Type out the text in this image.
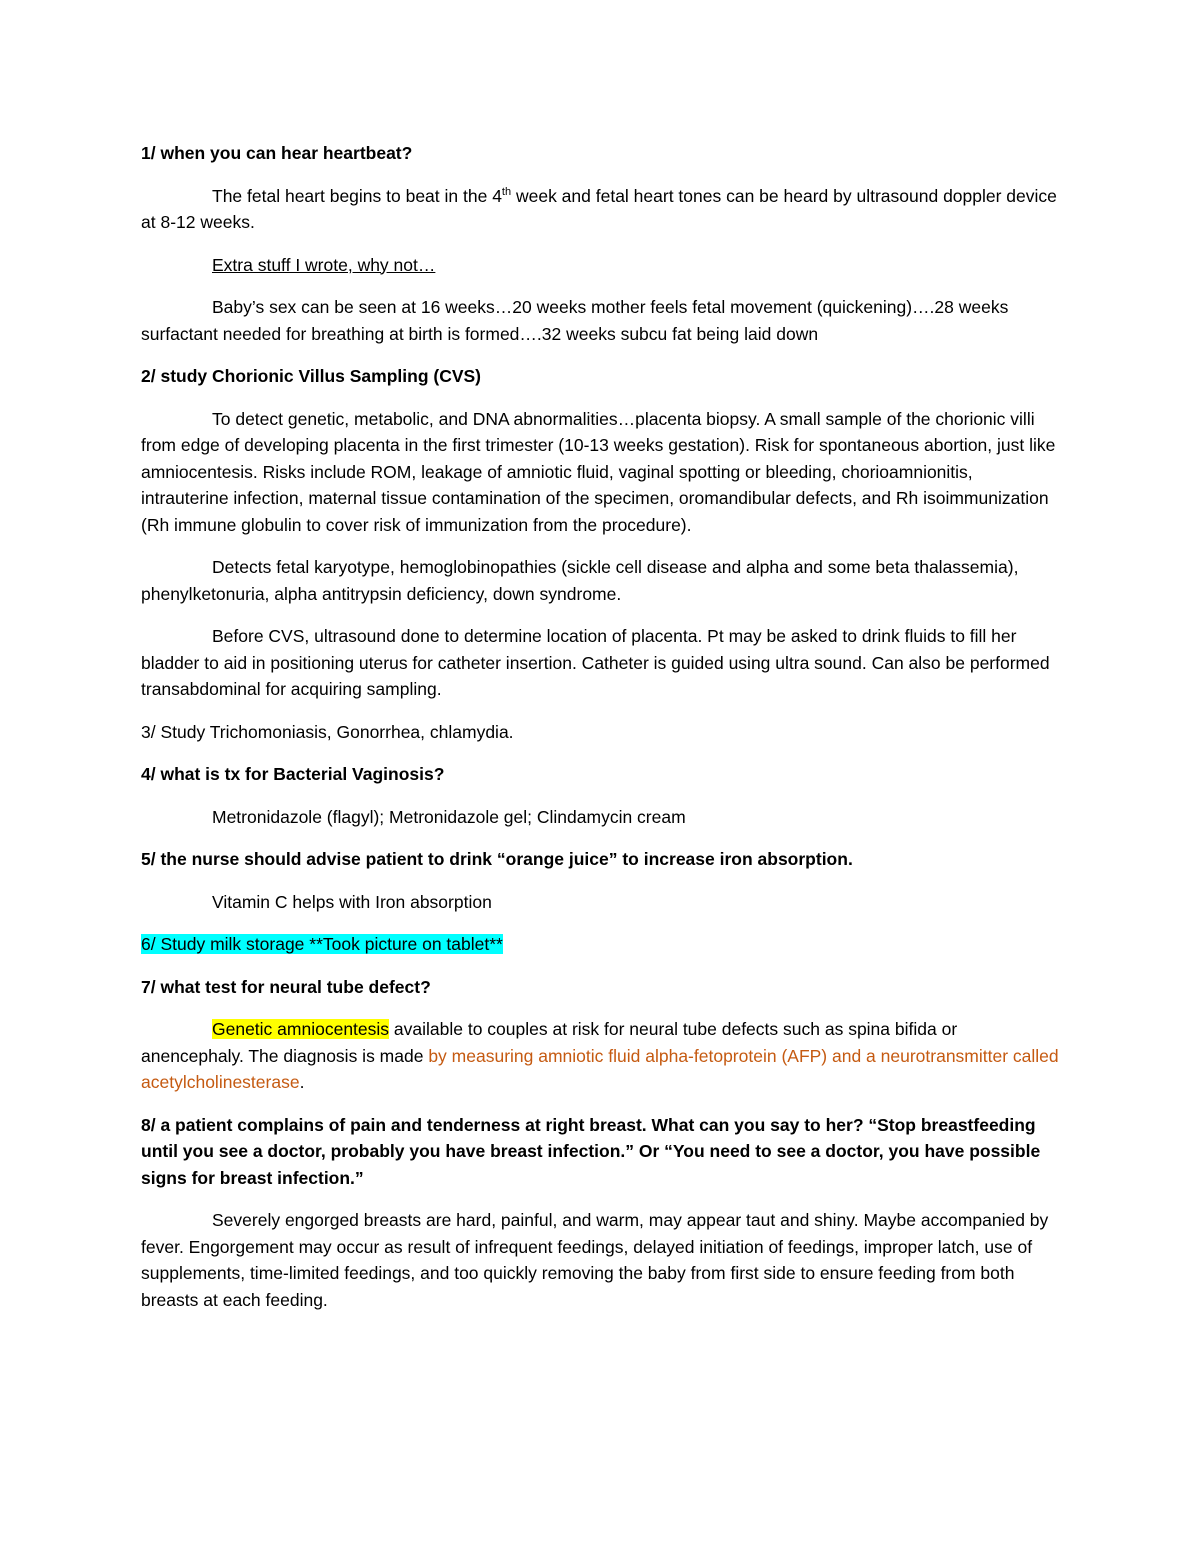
1/ when you can hear heartbeat?

The fetal heart begins to beat in the 4th week and fetal heart tones can be heard by ultrasound doppler device at 8-12 weeks.

Extra stuff I wrote, why not…

Baby’s sex can be seen at 16 weeks…20 weeks mother feels fetal movement (quickening)….28 weeks surfactant needed for breathing at birth is formed….32 weeks subcu fat being laid down

2/ study Chorionic Villus Sampling (CVS)

To detect genetic, metabolic, and DNA abnormalities…placenta biopsy. A small sample of the chorionic villi from edge of developing placenta in the first trimester (10-13 weeks gestation). Risk for spontaneous abortion, just like amniocentesis. Risks include ROM, leakage of amniotic fluid, vaginal spotting or bleeding, chorioamnionitis, intrauterine infection, maternal tissue contamination of the specimen, oromandibular defects, and Rh isoimmunization (Rh immune globulin to cover risk of immunization from the procedure).

Detects fetal karyotype, hemoglobinopathies (sickle cell disease and alpha and some beta thalassemia), phenylketonuria, alpha antitrypsin deficiency, down syndrome.

Before CVS, ultrasound done to determine location of placenta. Pt may be asked to drink fluids to fill her bladder to aid in positioning uterus for catheter insertion. Catheter is guided using ultra sound. Can also be performed transabdominal for acquiring sampling.

3/ Study Trichomoniasis, Gonorrhea, chlamydia.

4/ what is tx for Bacterial Vaginosis?

Metronidazole (flagyl); Metronidazole gel; Clindamycin cream

5/ the nurse should advise patient to drink “orange juice” to increase iron absorption.

Vitamin C helps with Iron absorption

6/ Study milk storage **Took picture on tablet**

7/ what test for neural tube defect?

Genetic amniocentesis available to couples at risk for neural tube defects such as spina bifida or anencephaly. The diagnosis is made by measuring amniotic fluid alpha-fetoprotein (AFP) and a neurotransmitter called acetylcholinesterase.

8/ a patient complains of pain and tenderness at right breast. What can you say to her? “Stop breastfeeding until you see a doctor, probably you have breast infection.” Or “You need to see a doctor, you have possible signs for breast infection.”

Severely engorged breasts are hard, painful, and warm, may appear taut and shiny. Maybe accompanied by fever. Engorgement may occur as result of infrequent feedings, delayed initiation of feedings, improper latch, use of supplements, time-limited feedings, and too quickly removing the baby from first side to ensure feeding from both breasts at each feeding.
